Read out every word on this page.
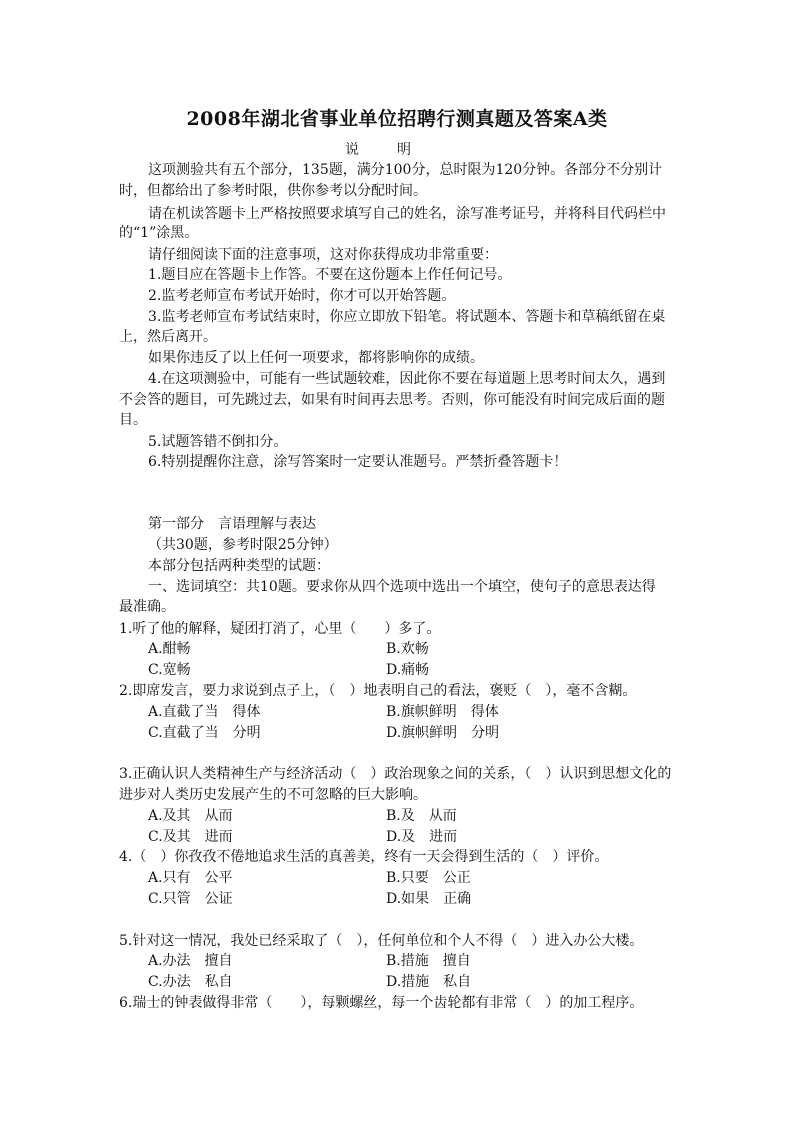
2008年湖北省事业单位招聘行测真题及答案A类
说明
这项测验共有五个部分，135题，满分100分，总时限为120分钟。各部分不分别计
时，但都给出了参考时限，供你参考以分配时间。
请在机读答题卡上严格按照要求填写自己的姓名，涂写准考证号，并将科目代码栏中
的“1”涂黑。
请仔细阅读下面的注意事项，这对你获得成功非常重要：
1.题目应在答题卡上作答。不要在这份题本上作任何记号。
2.监考老师宣布考试开始时，你才可以开始答题。
3.监考老师宣布考试结束时，你应立即放下铅笔。将试题本、答题卡和草稿纸留在桌
上，然后离开。
如果你违反了以上任何一项要求，都将影响你的成绩。
4.在这项测验中，可能有一些试题较难，因此你不要在每道题上思考时间太久，遇到
不会答的题目，可先跳过去，如果有时间再去思考。否则，你可能没有时间完成后面的题
目。
5.试题答错不倒扣分。
6.特别提醒你注意，涂写答案时一定要认准题号。严禁折叠答题卡！
第一部分　言语理解与表达
（共30题，参考时限25分钟）
本部分包括两种类型的试题：
一、选词填空：共10题。要求你从四个选项中选出一个填空，使句子的意思表达得
最准确。
1.听了他的解释，疑团打消了，心里（　　）多了。
A.酣畅	B.欢畅
C.宽畅	D.痛畅
2.即席发言，要力求说到点子上，（　）地表明自己的看法，褒贬（　），毫不含糊。
A.直截了当　得体	B.旗帜鲜明　得体
C.直截了当　分明	D.旗帜鲜明　分明
3.正确认识人类精神生产与经济活动（　）政治现象之间的关系，（　）认识到思想文化的
进步对人类历史发展产生的不可忽略的巨大影响。
A.及其　从而	B.及　从而
C.及其　进而	D.及　进而
4.（　）你孜孜不倦地追求生活的真善美，终有一天会得到生活的（　）评价。
A.只有　公平	B.只要　公正
C.只管　公证	D.如果　正确
5.针对这一情况，我处已经采取了（　），任何单位和个人不得（　）进入办公大楼。
A.办法　擅自	B.措施　擅自
C.办法　私自	D.措施　私自
6.瑞士的钟表做得非常（　　），每颗螺丝，每一个齿轮都有非常（　）的加工程序。
